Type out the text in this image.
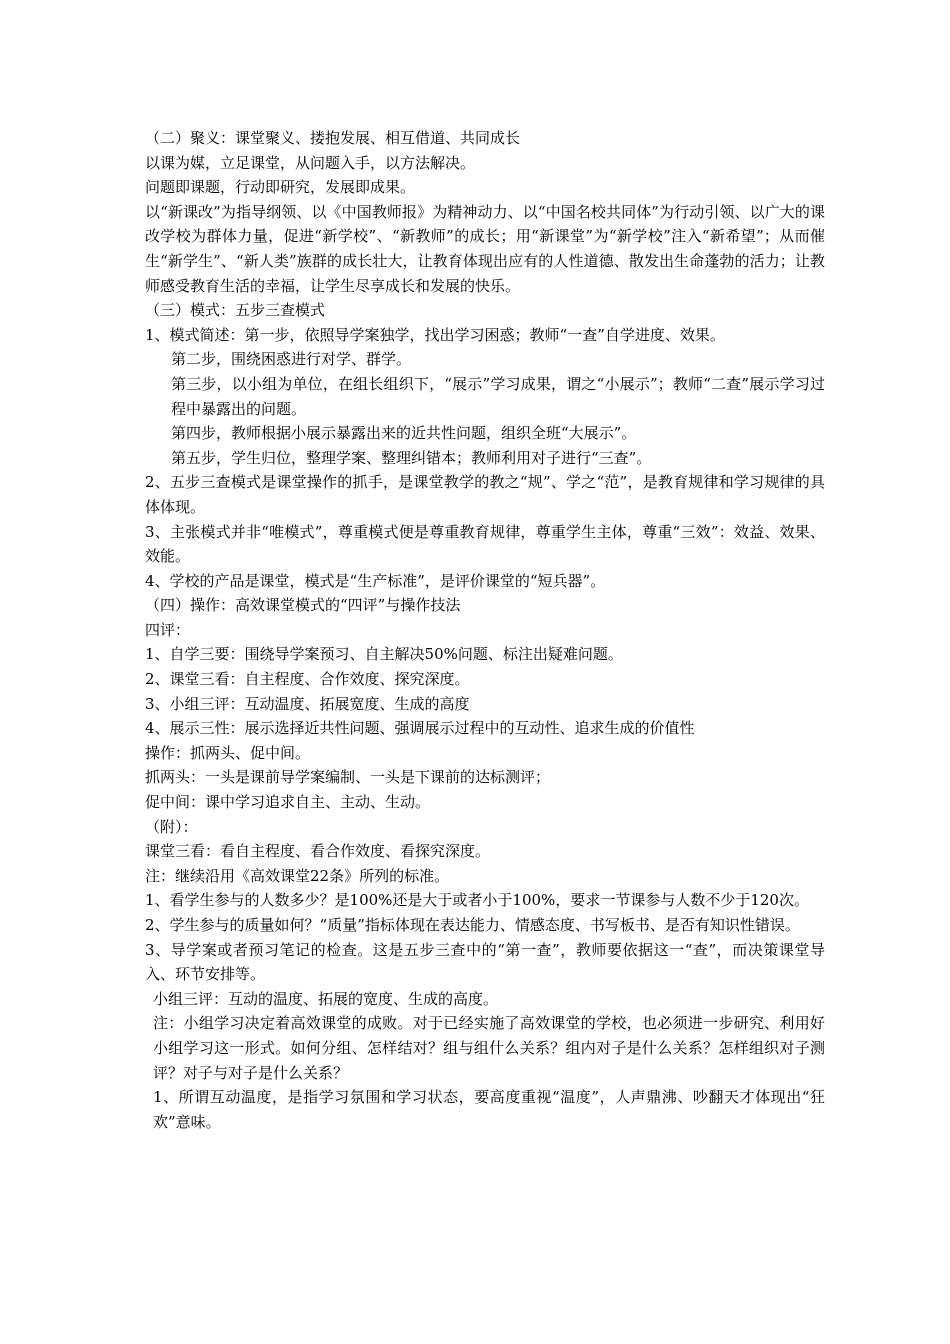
（二）聚义：课堂聚义、搂抱发展、相互借道、共同成长

以课为媒，立足课堂，从问题入手，以方法解决。

问题即课题，行动即研究，发展即成果。

以“新课改”为指导纲领、以《中国教师报》为精神动力、以“中国名校共同体”为行动引领、以广大的课改学校为群体力量，促进“新学校”、“新教师”的成长；用“新课堂”为“新学校”注入“新希望”；从而催生“新学生”、“新人类”族群的成长壮大，让教育体现出应有的人性道德、散发出生命蓬勃的活力；让教师感受教育生活的幸福，让学生尽享成长和发展的快乐。

（三）模式：五步三查模式

1、模式简述：第一步，依照导学案独学，找出学习困惑；教师“一查”自学进度、效果。

第二步，围绕困惑进行对学、群学。

第三步，以小组为单位，在组长组织下，“展示”学习成果，谓之“小展示”；教师“二查”展示学习过程中暴露出的问题。

第四步，教师根据小展示暴露出来的近共性问题，组织全班“大展示”。

第五步，学生归位，整理学案、整理纠错本；教师利用对子进行“三查”。

2、五步三查模式是课堂操作的抓手，是课堂教学的教之“规”、学之“范”，是教育规律和学习规律的具体体现。

3、主张模式并非“唯模式”，尊重模式便是尊重教育规律，尊重学生主体，尊重“三效”：效益、效果、效能。

4、学校的产品是课堂，模式是“生产标准”，是评价课堂的“短兵器”。

（四）操作：高效课堂模式的“四评”与操作技法

四评：

1、自学三要：围绕导学案预习、自主解决50%问题、标注出疑难问题。

2、课堂三看：自主程度、合作效度、探究深度。

3、小组三评：互动温度、拓展宽度、生成的高度

4、展示三性：展示选择近共性问题、强调展示过程中的互动性、追求生成的价值性

操作：抓两头、促中间。

抓两头：一头是课前导学案编制、一头是下课前的达标测评；

促中间：课中学习追求自主、主动、生动。

（附）：

课堂三看：看自主程度、看合作效度、看探究深度。

注：继续沿用《高效课堂22条》所列的标准。

1、看学生参与的人数多少？是100%还是大于或者小于100%，要求一节课参与人数不少于120次。

2、学生参与的质量如何？“质量”指标体现在表达能力、情感态度、书写板书、是否有知识性错误。

3、导学案或者预习笔记的检查。这是五步三查中的“第一查”，教师要依据这一“查”，而决策课堂导入、环节安排等。

小组三评：互动的温度、拓展的宽度、生成的高度。

注：小组学习决定着高效课堂的成败。对于已经实施了高效课堂的学校，也必须进一步研究、利用好小组学习这一形式。如何分组、怎样结对？组与组什么关系？组内对子是什么关系？怎样组织对子测评？对子与对子是什么关系？

1、所谓互动温度，是指学习氛围和学习状态，要高度重视“温度”，人声鼎沸、吵翻天才体现出“狂欢”意味。
